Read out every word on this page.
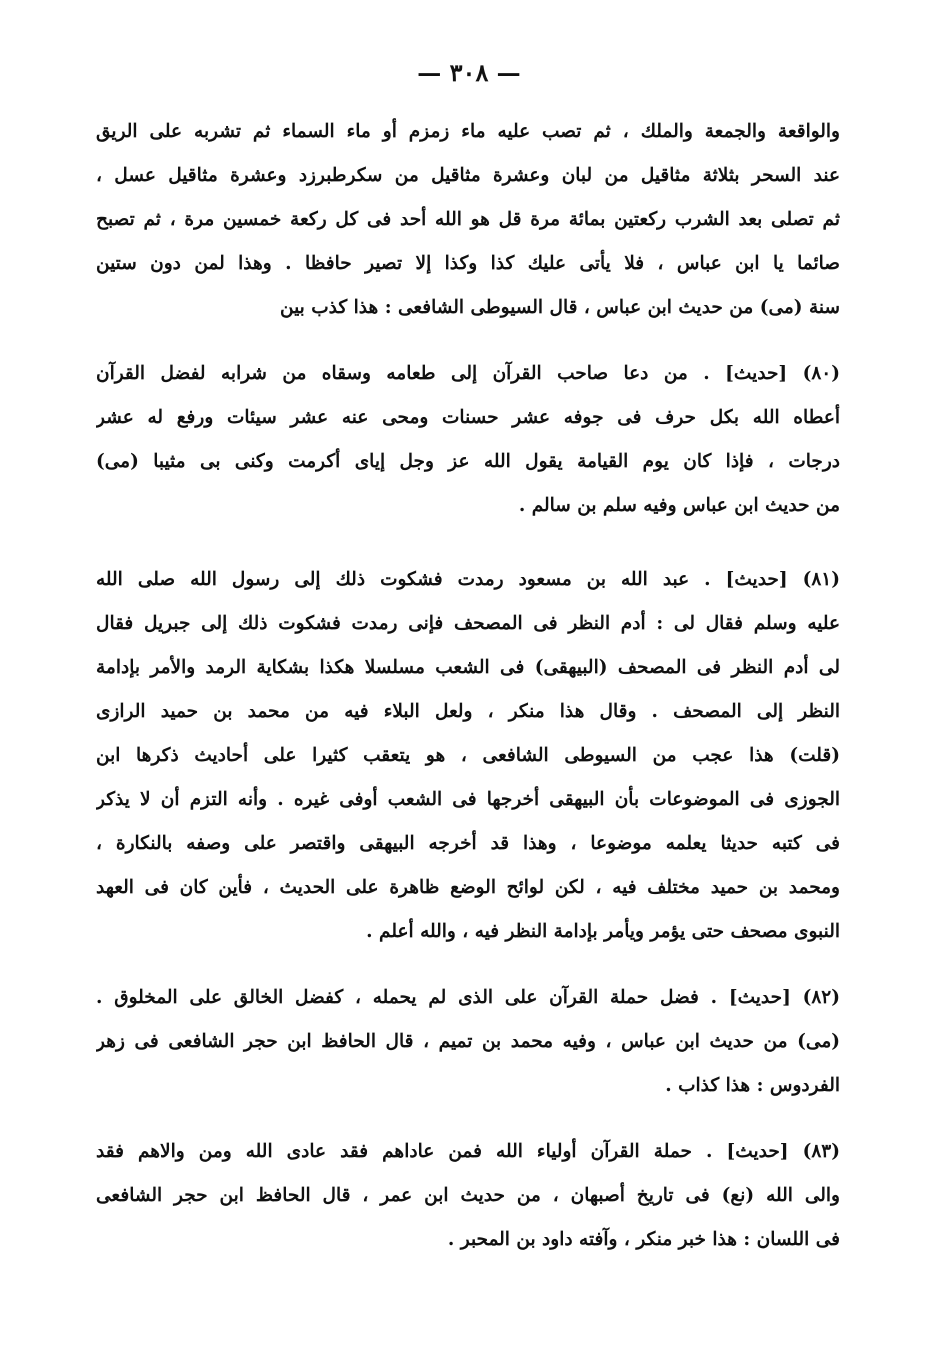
— ٣٠٨ —
والواقعة والجمعة والملك ، ثم تصب عليه ماء زمزم أو ماء السماء ثم تشربه على الريق
عند السحر بثلاثة مثاقيل من لبان وعشرة مثاقيل من سكرطبرزد وعشرة مثاقيل عسل ،
ثم تصلى بعد الشرب ركعتين بمائة مرة قل هو الله أحد فى كل ركعة خمسين مرة ، ثم تصبح
صائما يا ابن عباس ، فلا يأتى عليك كذا وكذا إلا تصير حافظا . وهذا لمن دون ستين
سنة (مى) من حديث ابن عباس ، قال السيوطى الشافعى : هذا كذب بين
(٨٠) [حديث] . من دعا صاحب القرآن إلى طعامه وسقاه من شرابه لفضل القرآن
أعطاه الله بكل حرف فى جوفه عشر حسنات ومحى عنه عشر سيئات ورفع له عشر
درجات ، فإذا كان يوم القيامة يقول الله عز وجل إياى أكرمت وكنى بى مثيبا (مى)
من حديث ابن عباس وفيه سلم بن سالم .
(٨١) [حديث] . عبد الله بن مسعود رمدت فشكوت ذلك إلى رسول الله صلى الله
عليه وسلم فقال لى : أدم النظر فى المصحف فإنى رمدت فشكوت ذلك إلى جبريل فقال
لى أدم النظر فى المصحف (البيهقى) فى الشعب مسلسلا هكذا بشكاية الرمد والأمر بإدامة
النظر إلى المصحف . وقال هذا منكر ، ولعل البلاء فيه من محمد بن حميد الرازى
(قلت) هذا عجب من السيوطى الشافعى ، هو يتعقب كثيرا على أحاديث ذكرها ابن
الجوزى فى الموضوعات بأن البيهقى أخرجها فى الشعب أوفى غيره . وأنه التزم أن لا يذكر
فى كتبه حديثا يعلمه موضوعا ، وهذا قد أخرجه البيهقى واقتصر على وصفه بالنكارة ،
ومحمد بن حميد مختلف فيه ، لكن لوائح الوضع ظاهرة على الحديث ، فأين كان فى العهد
النبوى مصحف حتى يؤمر ويأمر بإدامة النظر فيه ، والله أعلم .
(٨٢) [حديث] . فضل حملة القرآن على الذى لم يحمله ، كفضل الخالق على المخلوق .
(مى) من حديث ابن عباس ، وفيه محمد بن تميم ، قال الحافظ ابن حجر الشافعى فى زهر
الفردوس : هذا كذاب .
(٨٣) [حديث] . حملة القرآن أولياء الله فمن عاداهم فقد عادى الله ومن والاهم فقد
والى الله (نع) فى تاريخ أصبهان ، من حديث ابن عمر ، قال الحافظ ابن حجر الشافعى
فى اللسان : هذا خبر منكر ، وآفته داود بن المحبر .
